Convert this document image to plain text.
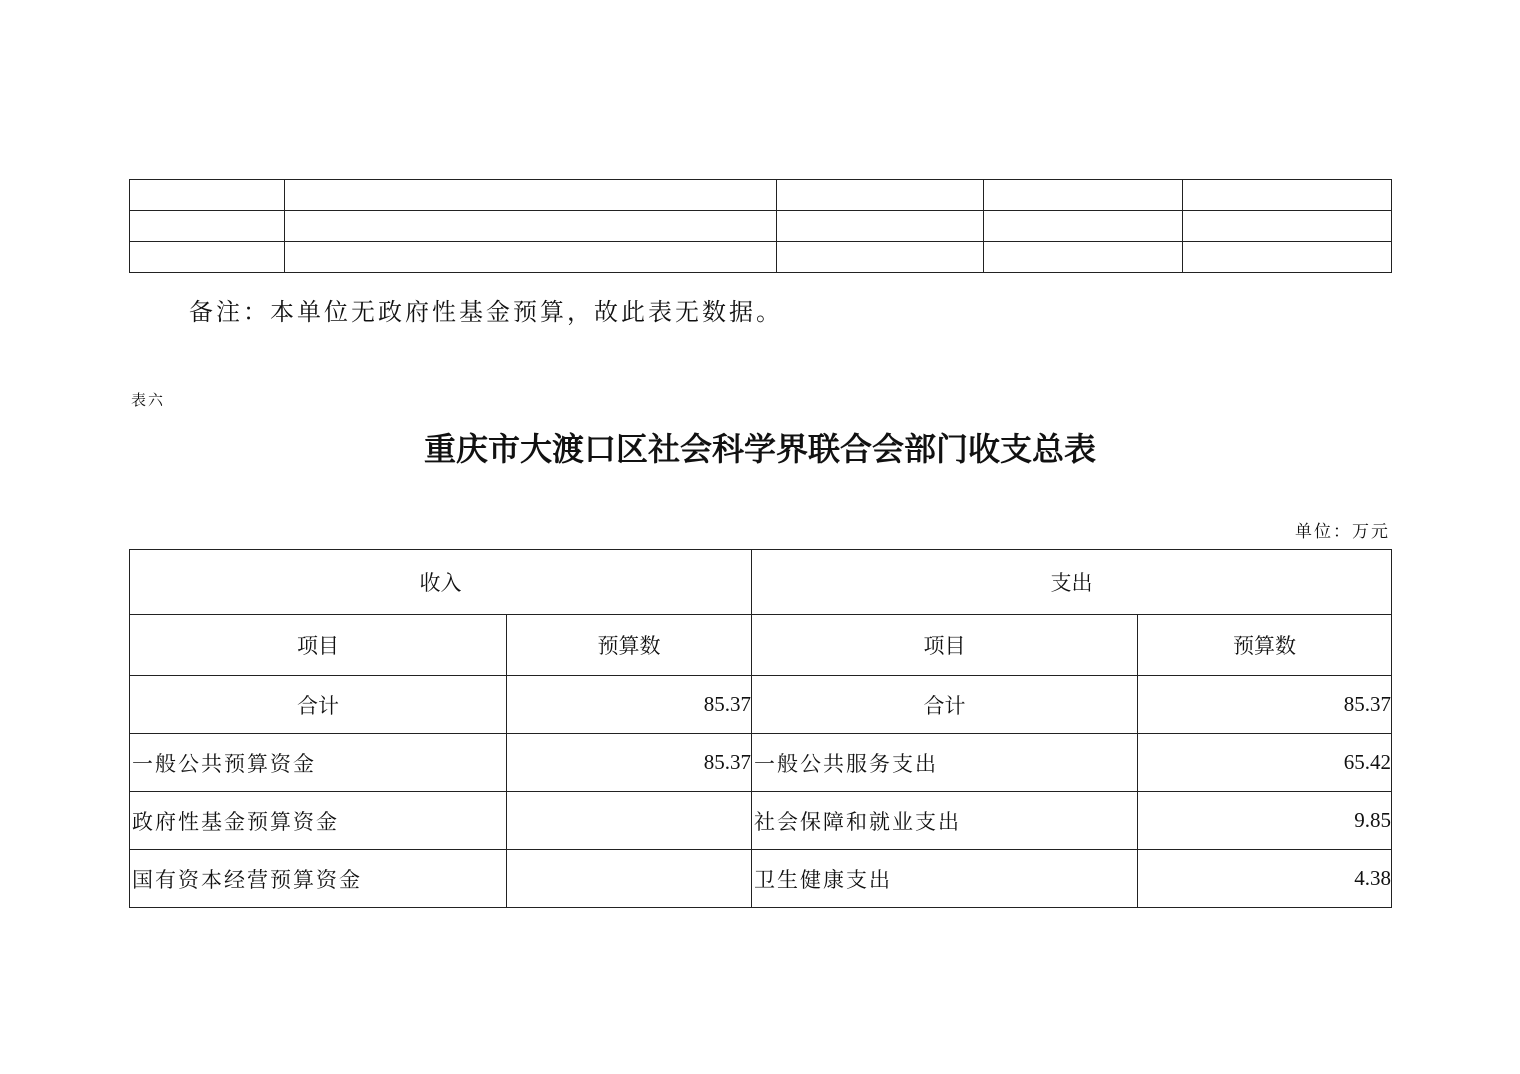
备注：本单位无政府性基金预算，故此表无数据。
表六
重庆市大渡口区社会科学界联合会部门收支总表
单位：万元
收入		支出	
项目	预算数	项目	预算数
合计	85.37	合计	85.37
一般公共预算资金	85.37	一般公共服务支出	65.42
政府性基金预算资金		社会保障和就业支出	9.85
国有资本经营预算资金		卫生健康支出	4.38
